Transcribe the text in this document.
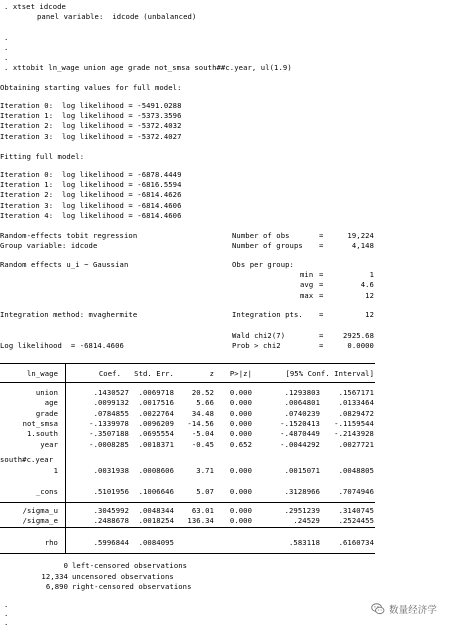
. xtset idcode
panel variable:  idcode (unbalanced)
.
.
.
. xttobit ln_wage union age grade not_smsa south##c.year, ul(1.9)
Obtaining starting values for full model:
Iteration 0: log likelihood = -5491.0288
Iteration 1: log likelihood = -5373.3596
Iteration 2: log likelihood = -5372.4032
Iteration 3: log likelihood = -5372.4027
Fitting full model:
Iteration 0: log likelihood = -6878.4449
Iteration 1: log likelihood = -6816.5594
Iteration 2: log likelihood = -6814.4626
Iteration 3: log likelihood = -6814.4606
Iteration 4: log likelihood = -6814.4606
Random-effects tobit regression
Group variable: idcode
Random effects u_i ~ Gaussian
Integration method: mvaghermite
Log likelihood  = -6814.4606
Number of obs	=	19,224
Number of groups =	4,148
Obs per group:
min =	1
avg =	4.6
max =	12
Integration pts. =	12
Wald chi2(7)	=	2925.68
Prob > chi2	=	0.0000
ln_wage	Coef.	Std. Err.	z	P>|z|	[95% Conf. Interval]
union	.1430527	.0069718	20.52	0.000	.1293803	.1567171
age	.0099132	.0017516	5.66	0.000	.0064801	.0133464
grade	.0784855	.0022764	34.48	0.000	.0740239	.0829472
not_smsa	-.1339978	.0096209	-14.56	0.000	-.1520413	-.1159544
1.south	-.3507188	.0695554	-5.04	0.000	-.4870449	-.2143928
year	-.0008285	.0018371	-0.45	0.652	-.0044292	.0027721
south#c.year
1	.0031938	.0008606	3.71	0.000	.0015071	.0048805
_cons	.5101956	.1006646	5.07	0.000	.3128966	.7074946
/sigma_u	.3045992	.0048344	63.01	0.000	.2951239	.3140745
/sigma_e	.2488678	.0018254	136.34	0.000	.24529	.2524455
rho	.5996844	.0084095	.583118	.6160734
0 left-censored observations
12,334 uncensored observations
6,890 right-censored observations
.
.
.
数量经济学
